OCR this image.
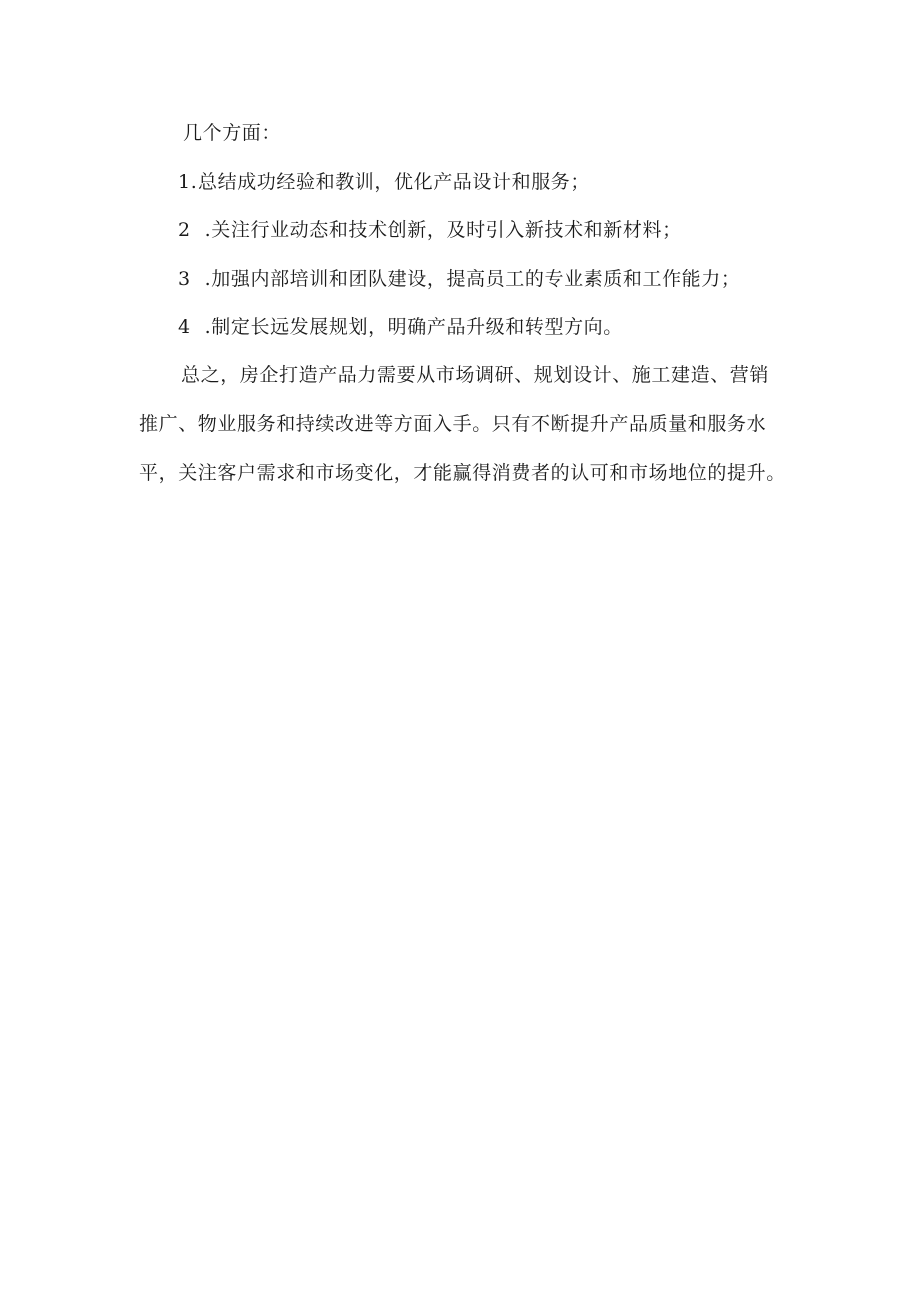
几个方面：
1.总结成功经验和教训，优化产品设计和服务；
2 .关注行业动态和技术创新，及时引入新技术和新材料；
3 .加强内部培训和团队建设，提高员工的专业素质和工作能力；
4 .制定长远发展规划，明确产品升级和转型方向。
总之，房企打造产品力需要从市场调研、规划设计、施工建造、营销
推广、物业服务和持续改进等方面入手。只有不断提升产品质量和服务水
平，关注客户需求和市场变化，才能赢得消费者的认可和市场地位的提升。
